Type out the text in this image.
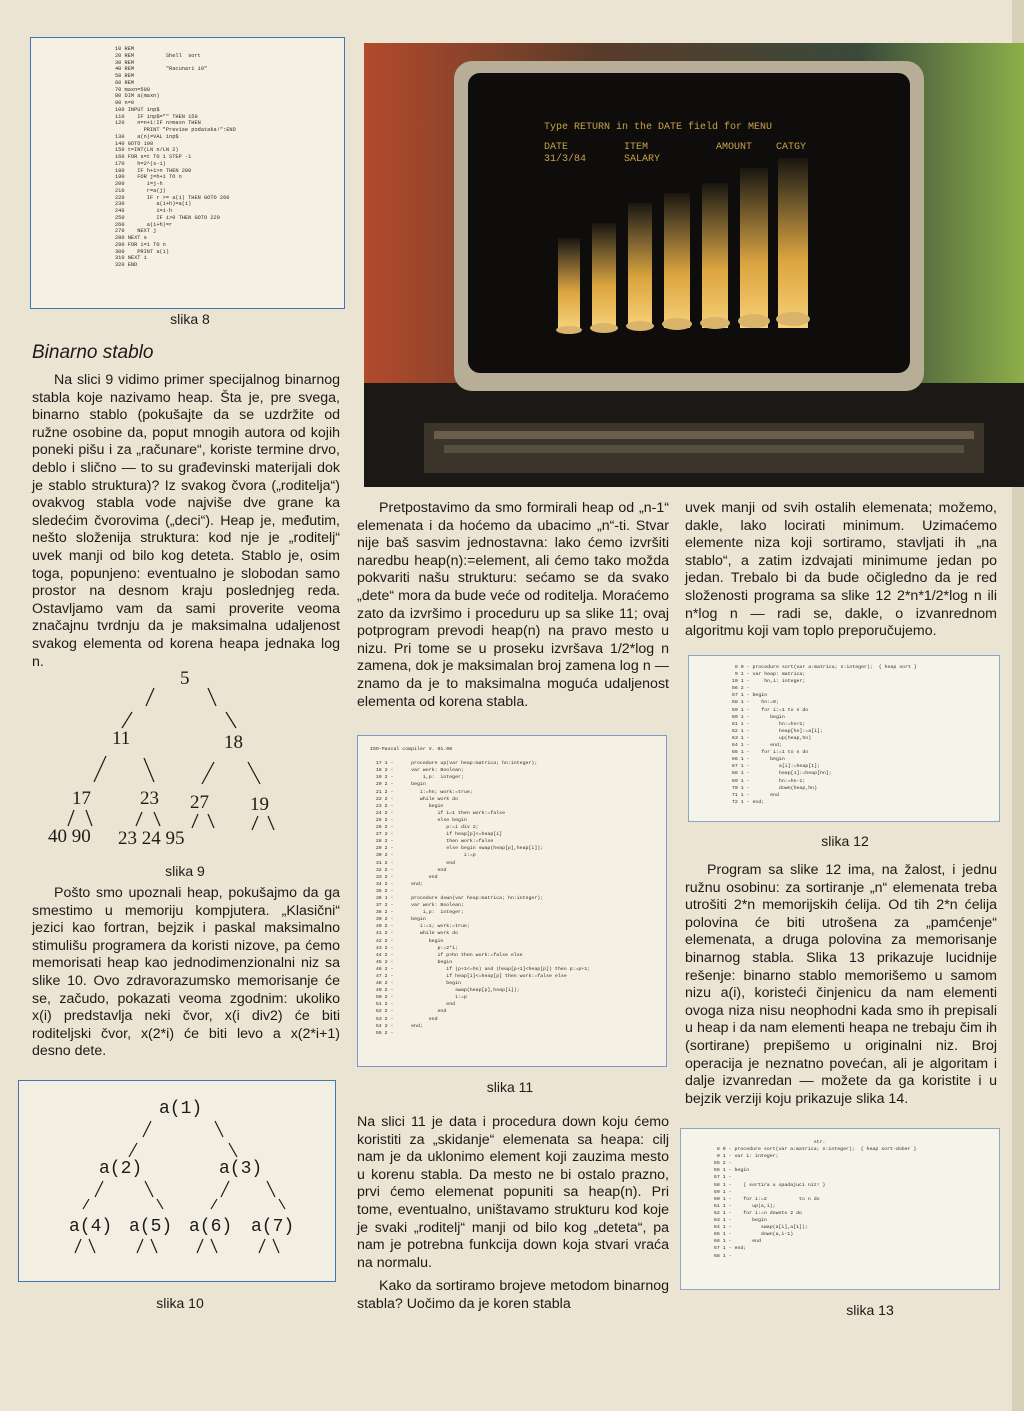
10 REM
20 REM          Shell  sort
30 REM
40 REM          "Racunari 19"
50 REM
60 REM
70 maxn=500
80 DIM a(maxn)
90 n=0
100 INPUT inp$
110    IF inp$="" THEN 150
120    n=n+1:IF n>maxn THEN
PRINT "Previse podataka!":END
130    a(n)=VAL inp$
140 GOTO 100
150 t=INT(LN n/LN 2)
160 FOR s=t TO 1 STEP -1
170    h=2^(s-1)
180    IF h+1>n THEN 280
190    FOR j=h+1 TO n
200       i=j-h
210       r=a(j)
220       IF r >= a(i) THEN GOTO 260
230          a(i+h)=a(i)
240          i=i-h
250          IF i>0 THEN GOTO 220
260       a(i+h)=r
270    NEXT j
280 NEXT s
290 FOR i=1 TO n
300    PRINT a(i)
310 NEXT i
320 END
slika 8
Type RETURN in the DATE field for MENU
DATE	ITEM	AMOUNT CATGY
31/3/84	SALARY
Binarno stablo

Na slici 9 vidimo primer specijalnog binarnog stabla koje nazivamo heap. Šta je, pre svega, binarno stablo (pokušajte da se uzdržite od ružne osobine da, poput mnogih autora od kojih poneki pišu i za „računare“, koriste termine drvo, deblo i slično — to su građevinski materijali dok je stablo struktura)? Iz svakog čvora („roditelja“) ovakvog stabla vode najviše dve grane ka sledećim čvorovima („deci“). Heap je, međutim, nešto složenija struktura: kod nje je „roditelj“ uvek manji od bilo kog deteta. Stablo je, osim toga, popunjeno: eventualno je slobodan samo prostor na desnom kraju poslednjeg reda. Ostavljamo vam da sami proverite veoma značajnu tvrdnju da je maksimalna udaljenost svakog elementa od korena heapa jednaka log n.

5
11	18
17	23 27 19
40 90 23 24 95
slika 9

Pošto smo upoznali heap, pokušajmo da ga smestimo u memoriju kompjutera. „Klasični“ jezici kao fortran, bejzik i paskal maksimalno stimulišu programera da koristi nizove, pa ćemo memorisati heap kao jednodimenzionalni niz sa slike 10. Ovo zdravorazumsko memorisanje će se, začudo, pokazati veoma zgodnim: ukoliko x(i) predstavlja neki čvor, x(i div2) će biti roditeljski čvor, x(2*i) će biti levo a x(2*i+1) desno dete.

a(1)
a(2)	a(3)
a(4) a(5) a(6) a(7)
slika 10

Pretpostavimo da smo formirali heap od „n-1“ elemenata i da hoćemo da ubacimo „n“-ti. Stvar nije baš sasvim jednostavna: lako ćemo izvršiti naredbu heap(n):=element, ali ćemo tako možda pokvariti našu strukturu: sećamo se da svako „dete“ mora da bude veće od roditelja. Moraćemo zato da izvršimo i proceduru up sa slike 11; ovaj potprogram prevodi heap(n) na pravo mesto u nizu. Pri tome se u proseku izvršava 1/2*log n zamena, dok je maksimalan broj zamena log n — znamo da je to maksimalna moguća udaljenost elementa od korena stabla.

ISO-Pascal compiler V. 01.00

17 1 -      procedure up(var heap:matrica; hn:integer);
18 2 -      var work: Boolean;
19 2 -          i,p:  integer;
20 2 -      begin
21 2 -         i:=hn; work:=true;
22 2 -         while work do
23 2 -            begin
24 2 -               if i=1 then work:=false
25 2 -               else begin
26 2 -                  p:=i div 2;
27 2 -                  if heap[p]<=heap[i]
28 2 -                  then work:=false
29 2 -                  else begin swap(heap[p],heap[i]);
30 2 -                        i:=p
31 2 -                  end
32 2 -               end
33 2 -            end
34 2 -      end;
35 2 -
36 1 -      procedure down(var heap:matrica; hn:integer);
37 2 -      var work: Boolean;
38 2 -          i,p:  integer;
39 2 -      begin
40 2 -         i:=1; work:=true;
41 2 -         while work do
42 2 -            begin
43 2 -               p:=2*i;
44 2 -               if p>hn then work:=false else
45 2 -               begin
46 2 -                  if (p+1<=hn) and (heap[p+1]<heap[p]) then p:=p+1;
47 2 -                  if heap[i]<=heap[p] then work:=false else
48 2 -                  begin
49 2 -                     swap(heap[p],heap[i]);
50 2 -                     i:=p
51 2 -                  end
52 2 -               end
53 2 -            end
54 2 -      end;
55 2 -
slika 11

Na slici 11 je data i procedura down koju ćemo koristiti za „skidanje“ elemenata sa heapa: cilj nam je da uklonimo element koji zauzima mesto u korenu stabla. Da mesto ne bi ostalo prazno, prvi ćemo elemenat popuniti sa heap(n). Pri tome, eventualno, uništavamo strukturu kod koje je svaki „roditelj“ manji od bilo kog „deteta“, pa nam je potrebna funkcija down koja stvari vraća na normalu.

Kako da sortiramo brojeve metodom binarnog stabla? Uočimo da je koren stabla

uvek manji od svih ostalih elemenata; možemo, dakle, lako locirati minimum. Uzimaćemo elemente niza koji sortiramo, stavljati ih „na stablo“, a zatim izdvajati minimume jedan po jedan. Trebalo bi da bude očigledno da je red složenosti programa sa slike 12 2*n*1/2*log n ili n*log n — radi se, dakle, o izvanrednom algoritmu koji vam toplo preporučujemo.

8 0 - procedure sort(var a:matrica; n:integer);  { heap sort }
9 1 - var heap: matrica;
10 1 -     hn,i: integer;
56 2 -
57 1 - begin
58 1 -    hn:=0;
59 1 -    for i:=1 to n do
60 1 -       begin
61 1 -          hn:=hn+1;
62 1 -          heap[hn]:=a[i];
63 1 -          up(heap,hn)
64 1 -       end;
65 1 -    for i:=1 to n do
66 1 -       begin
67 1 -          a[i]:=heap[1];
68 1 -          heap[1]:=heap[hn];
69 1 -          hn:=hn-1;
70 1 -          down(heap,hn)
71 1 -       end
72 1 - end;
slika 12

Program sa slike 12 ima, na žalost, i jednu ružnu osobinu: za sortiranje „n“ elemenata treba utrošiti 2*n memorijskih ćelija. Od tih 2*n ćelija polovina će biti utrošena za „pamćenje“ elemenata, a druga polovina za memorisanje binarnog stabla. Slika 13 prikazuje lucidnije rešenje: binarno stablo memorišemo u samom nizu a(i), koristeći činjenicu da nam elementi ovoga niza nisu neophodni kada smo ih prepisali u heap i da nam elementi heapa ne trebaju čim ih (sortirane) prepišemo u originalni niz. Broj operacija je neznatno povećan, ali je algoritam i dalje izvanredan — možete da ga koristite i u bejzik verziji koju prikazuje slika 14.

str.
8 0 - procedure sort(var a:matrica; n:integer);  { heap sort-dober }
9 1 - var i: integer;
55 2 -
56 1 - begin
57 1 -
58 1 -    { sortira u opadajuci niz! }
59 1 -
60 1 -    for i:=2           to n do
61 1 -       up(a,i);
62 1 -    for i:=n downto 2 do
63 1 -       begin
64 1 -          swap(a[i],a[1]);
65 1 -          down(a,i-1)
66 1 -       end
67 1 - end;
68 1 -
slika 13
